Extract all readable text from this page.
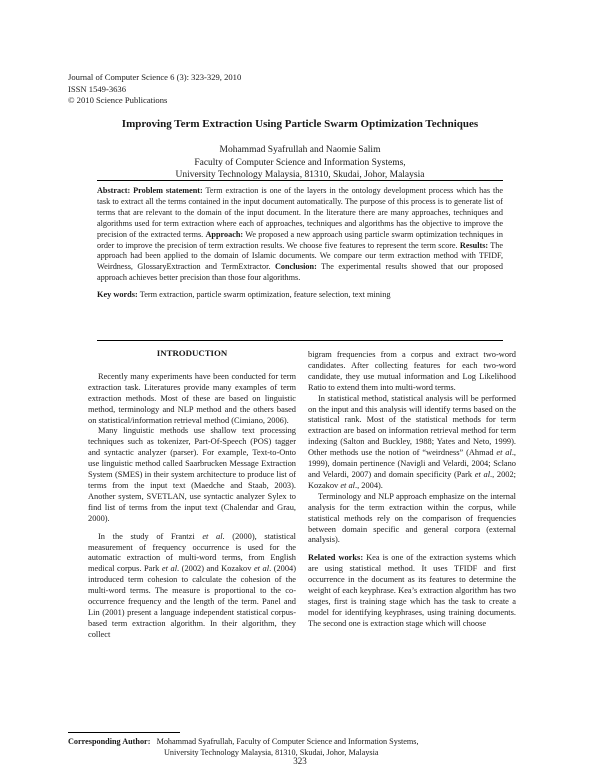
Journal of Computer Science 6 (3): 323-329, 2010
ISSN 1549-3636
© 2010 Science Publications
Improving Term Extraction Using Particle Swarm Optimization Techniques
Mohammad Syafrullah and Naomie Salim
Faculty of Computer Science and Information Systems,
University Technology Malaysia, 81310, Skudai, Johor, Malaysia
Abstract: Problem statement: Term extraction is one of the layers in the ontology development process which has the task to extract all the terms contained in the input document automatically. The purpose of this process is to generate list of terms that are relevant to the domain of the input document. In the literature there are many approaches, techniques and algorithms used for term extraction where each of approaches, techniques and algorithms has the objective to improve the precision of the extracted terms. Approach: We proposed a new approach using particle swarm optimization techniques in order to improve the precision of term extraction results. We choose five features to represent the term score. Results: The approach had been applied to the domain of Islamic documents. We compare our term extraction method with TFIDF, Weirdness, GlossaryExtraction and TermExtractor. Conclusion: The experimental results showed that our proposed approach achieves better precision than those four algorithms.
Key words: Term extraction, particle swarm optimization, feature selection, text mining
INTRODUCTION

Recently many experiments have been conducted for term extraction task. Literatures provide many examples of term extraction methods. Most of these are based on linguistic method, terminology and NLP method and the others based on statistical/information retrieval method (Cimiano, 2006).

Many linguistic methods use shallow text processing techniques such as tokenizer, Part-Of-Speech (POS) tagger and syntactic analyzer (parser). For example, Text-to-Onto use linguistic method called Saarbrucken Message Extraction System (SMES) in their system architecture to produce list of terms from the input text (Maedche and Staab, 2003). Another system, SVETLAN, use syntactic analyzer Sylex to find list of terms from the input text (Chalendar and Grau, 2000).

In the study of Frantzi et al. (2000), statistical measurement of frequency occurrence is used for the automatic extraction of multi-word terms, from English medical corpus. Park et al. (2002) and Kozakov et al. (2004) introduced term cohesion to calculate the cohesion of the multi-word terms. The measure is proportional to the co-occurrence frequency and the length of the term. Panel and Lin (2001) present a language independent statistical corpus-based term extraction algorithm. In their algorithm, they collect

bigram frequencies from a corpus and extract two-word candidates. After collecting features for each two-word candidate, they use mutual information and Log Likelihood Ratio to extend them into multi-word terms.

In statistical method, statistical analysis will be performed on the input and this analysis will identify terms based on the statistical rank. Most of the statistical methods for term extraction are based on information retrieval method for term indexing (Salton and Buckley, 1988; Yates and Neto, 1999). Other methods use the notion of “weirdness” (Ahmad et al., 1999), domain pertinence (Navigli and Velardi, 2004; Sclano and Velardi, 2007) and domain specificity (Park et al., 2002; Kozakov et al., 2004).

Terminology and NLP approach emphasize on the internal analysis for the term extraction within the corpus, while statistical methods rely on the comparison of frequencies between domain specific and general corpora (external analysis).

Related works: Kea is one of the extraction systems which are using statistical method. It uses TFIDF and first occurrence in the document as its features to determine the weight of each keyphrase. Kea’s extraction algorithm has two stages, first is training stage which has the task to create a model for identifying keyphrases, using training documents. The second one is extraction stage which will choose

Corresponding Author: Mohammad Syafrullah, Faculty of Computer Science and Information Systems,
University Technology Malaysia, 81310, Skudai, Johor, Malaysia
323
